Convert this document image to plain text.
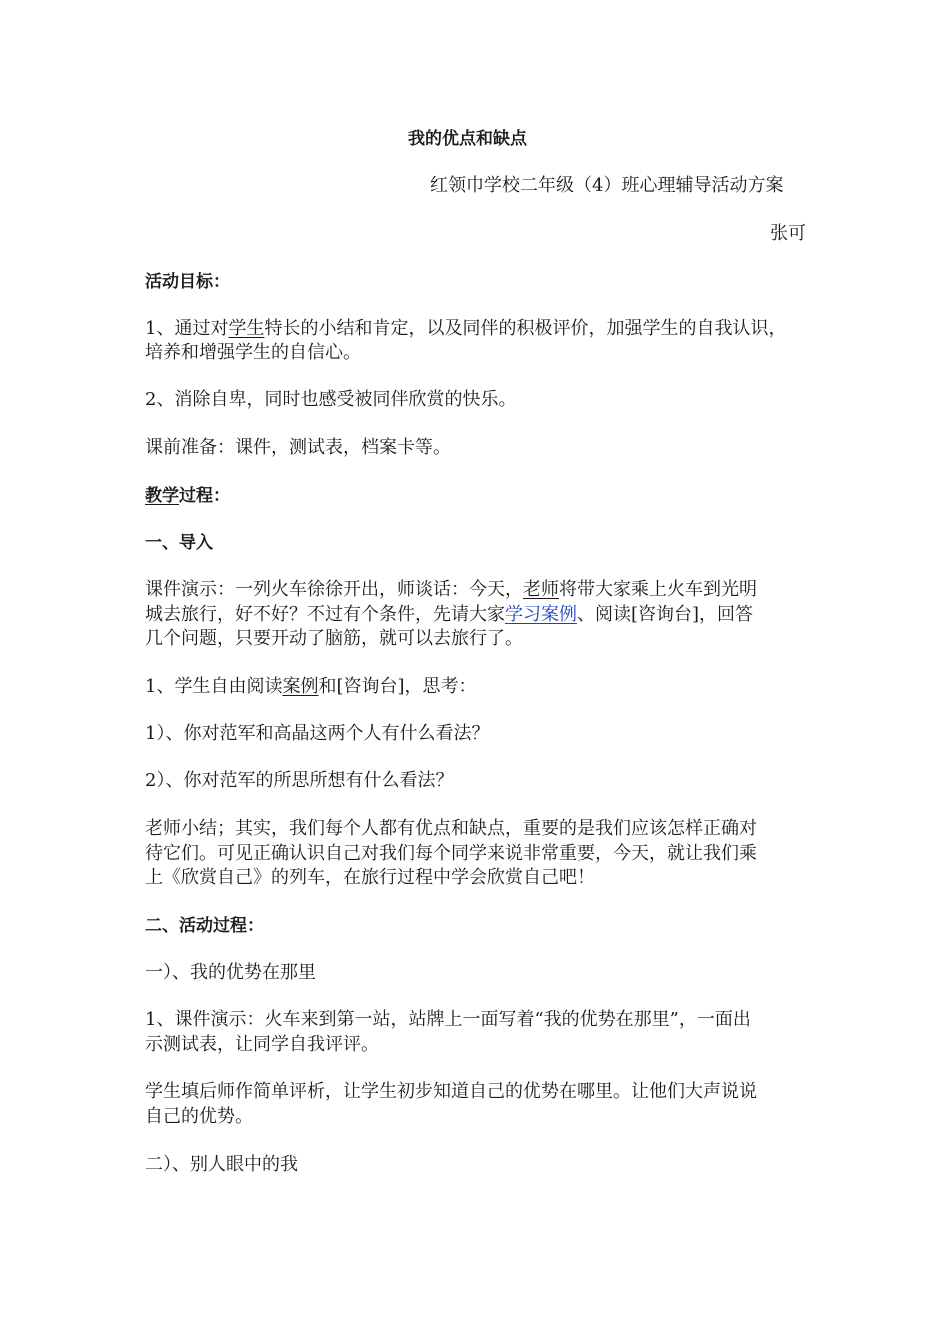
我的优点和缺点

红领巾学校二年级（4）班心理辅导活动方案

张可

活动目标：

1、通过对学生特长的小结和肯定，以及同伴的积极评价，加强学生的自我认识，

培养和增强学生的自信心。

2、消除自卑，同时也感受被同伴欣赏的快乐。

课前准备：课件，测试表，档案卡等。

教学过程：

一、导入

课件演示：一列火车徐徐开出，师谈话：今天，老师将带大家乘上火车到光明

城去旅行，好不好？不过有个条件，先请大家学习案例、阅读[咨询台]，回答

几个问题，只要开动了脑筋，就可以去旅行了。

1、学生自由阅读案例和[咨询台]，思考：

1）、你对范军和高晶这两个人有什么看法？

2）、你对范军的所思所想有什么看法？

老师小结；其实，我们每个人都有优点和缺点，重要的是我们应该怎样正确对

待它们。可见正确认识自己对我们每个同学来说非常重要，今天，就让我们乘

上《欣赏自己》的列车，在旅行过程中学会欣赏自己吧！

二、活动过程：

一）、我的优势在那里

1、课件演示：火车来到第一站，站牌上一面写着“我的优势在那里”，一面出

示测试表，让同学自我评评。

学生填后师作简单评析，让学生初步知道自己的优势在哪里。让他们大声说说

自己的优势。

二）、别人眼中的我
